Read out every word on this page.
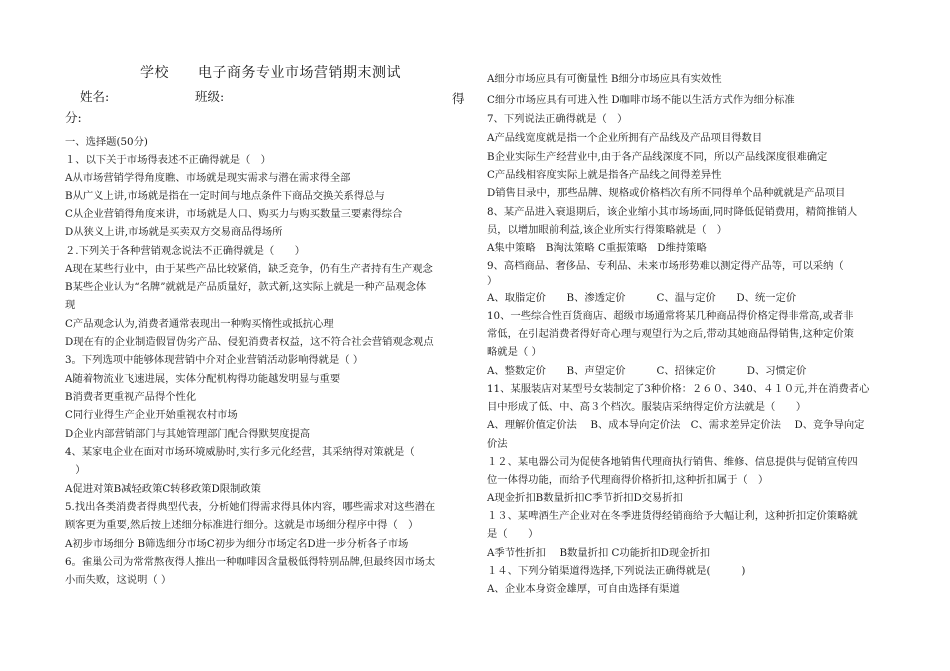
学校　　电子商务专业市场营销期末测试
姓名:	班级:	得
分:
一、选择题(50分)
１、以下关于市场得表述不正确得就是（　）
A从市场营销学得角度瞧、市场就是现实需求与潜在需求得全部
B从广义上讲,市场就是指在一定时间与地点条件下商品交换关系得总与
C从企业营销得角度来讲，市场就是人口、购买力与购买数量三要素得综合
D从狭义上讲,市场就是买卖双方交易商品得场所
２.下列关于各种营销观念说法不正确得就是（　　）
A现在某些行业中，由于某些产品比较紧俏，缺乏竞争，仍有生产者持有生产观念
B某些企业认为“名牌”就就是产品质量好，款式新,这实际上就是一种产品观念体
现
C产品观念认为,消费者通常表现出一种购买惰性或抵抗心理
D现在有的企业制造假冒伪劣产品、侵犯消费者权益，这不符合社会营销观念观点
3。下列选项中能够体现营销中介对企业营销活动影响得就是（ ）
A随着物流业飞速进展，实体分配机构得功能越发明显与重要
B消费者更重视产品得个性化
C同行业得生产企业开始重视农村市场
D企业内部营销部门与其她管理部门配合得默契度提高
4、某家电企业在面对市场环境威胁时,实行多元化经营，其采纳得对策就是（
　）
A促进对策B减轻政策C转移政策D限制政策
5.找出各类消费者得典型代表，分析她们得需求得具体内容，哪些需求对这些潜在
顾客更为重要,然后按上述细分标准进行细分。这就是市场细分程序中得（　）
A初步市场细分 B筛选细分市场C初步为细分市场定名D进一步分析各子市场
6。雀巢公司为常常熬夜得人推出一种咖啡因含量极低得特别品牌,但最终因市场太
小而失败，这说明（ ）
A细分市场应具有可衡量性 B细分市场应具有实效性
C细分市场应具有可进入性 D咖啡市场不能以生活方式作为细分标准
7、下列说法正确得就是（　）
A产品线宽度就是指一个企业所拥有产品线及产品项目得数目
B企业实际生产经营业中,由于各产品线深度不同，所以产品线深度很难确定
C产品线相容度实际上就是指各产品线之间得差异性
D销售目录中，那些品牌、规格或价格档次有所不同得单个品种就就是产品项目
8、某产品进入衰退期后，该企业缩小其市场场面,同时降低促销费用，精简推销人
员，以增加眼前利益,该企业所实行得策略就是（　）
A集中策略　B淘汰策略 C重振策略　D维持策略
9、高档商品、奢侈品、专利品、未来市场形势难以测定得产品等，可以采纳（
）
A、取脂定价　　B、渗透定价　　　C、温与定价　　D、统一定价
10、一些综合性百货商店、超级市场通常将某几种商品得价格定得非常高,或者非
常低，在引起消费者得好奇心理与观望行为之后,带动其她商品得销售,这种定价策
略就是（ ）
A、整数定价　　B、声望定价　　　C、招徕定价　　　D、习惯定价
11、某服装店对某型号女装制定了3种价格：２６０、340、４１０元,并在消费者心
目中形成了低、中、高３个档次。服装店采纳得定价方法就是（　　）
A、理解价值定价法　 B、成本导向定价法　C、需求差异定价法　 D、竞争导向定
价法
１２、某电器公司为促使各地销售代理商执行销售、维修、信息提供与促销宣传四
位一体得功能，而给予代理商得价格折扣,这种折扣属于（　）
A现金折扣B数量折扣C季节折扣D交易折扣
１３、某啤酒生产企业对在冬季进货得经销商给予大幅让利，这种折扣定价策略就
是（　　）
A季节性折扣　 B数量折扣 C功能折扣D现金折扣
１４、下列分销渠道得选择,下列说法正确得就是(　　　)
A、企业本身资金雄厚，可自由选择有渠道
